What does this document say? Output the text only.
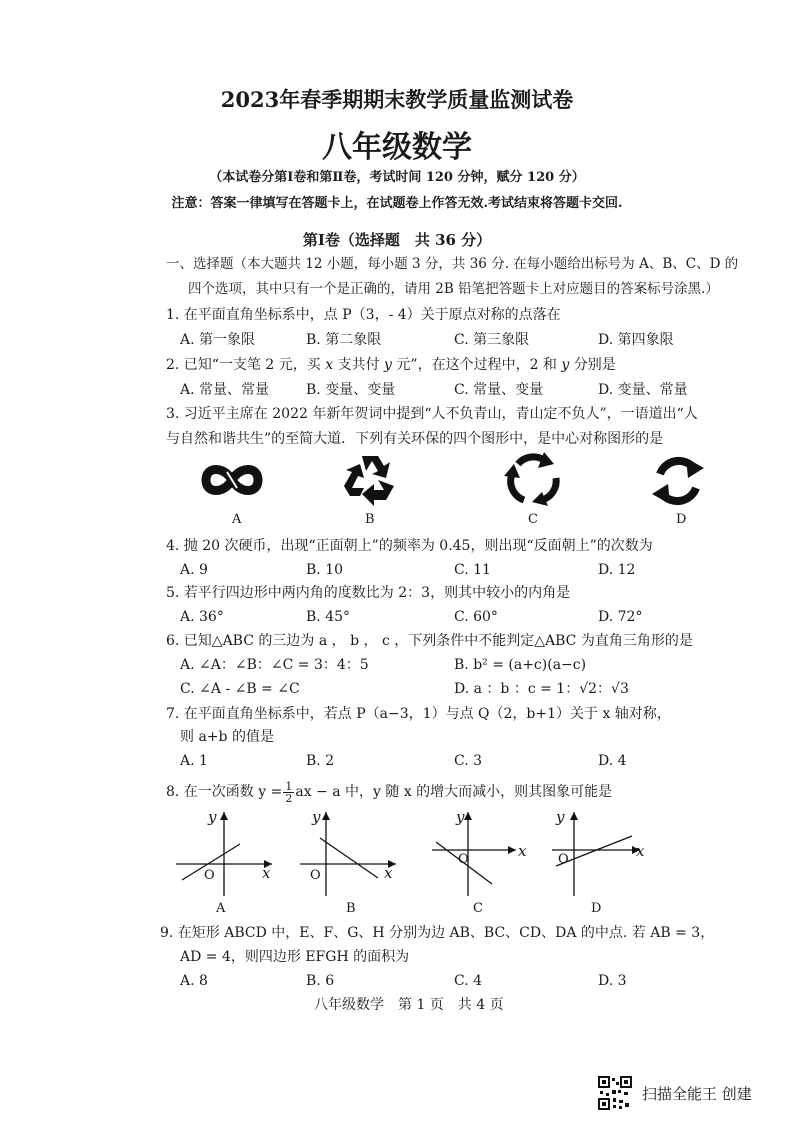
2023年春季期期末教学质量监测试卷
八年级数学
（本试卷分第Ⅰ卷和第Ⅱ卷，考试时间 120 分钟，赋分 120 分）
注意：答案一律填写在答题卡上，在试题卷上作答无效.考试结束将答题卡交回.
第Ⅰ卷（选择题　共 36 分）
一、选择题（本大题共 12 小题，每小题 3 分，共 36 分. 在每小题给出标号为 A、B、C、D 的
四个选项，其中只有一个是正确的，请用 2B 铅笔把答题卡上对应题目的答案标号涂黑.）
1. 在平面直角坐标系中，点 P（3，- 4）关于原点对称的点落在
A. 第一象限	B. 第二象限	C. 第三象限	D. 第四象限
2. 已知“一支笔 2 元，买 x 支共付 y 元”，在这个过程中，2 和 y 分别是
A. 常量、常量	B. 变量、变量	C. 常量、变量	D. 变量、常量
3. 习近平主席在 2022 年新年贺词中提到“人不负青山，青山定不负人”，一语道出“人
与自然和谐共生”的至简大道．下列有关环保的四个图形中，是中心对称图形的是
A	B	C	D
4. 抛 20 次硬币，出现“正面朝上”的频率为 0.45，则出现“反面朝上”的次数为
A. 9	B. 10	C. 11	D. 12
5. 若平行四边形中两内角的度数比为 2：3，则其中较小的内角是
A. 36°	B. 45°	C. 60°	D. 72°
6. 已知△ABC 的三边为 a ， b ， c ，下列条件中不能判定△ABC 为直角三角形的是
A. ∠A：∠B：∠C = 3：4：5	B. b² = (a+c)(a−c)
C. ∠A - ∠B = ∠C	D. a ：b ：c = 1：√2：√3
7. 在平面直角坐标系中，若点 P（a−3，1）与点 Q（2，b+1）关于 x 轴对称，
则 a+b 的值是
A. 1	B. 2	C. 3	D. 4
8. 在一次函数 $y = \frac{1}{2}$ ax − a 中，y 随 x 的增大而减小，则其图象可能是
y
x
O
y
x
O
y
x
O
y
x
O
A	B	C	D
9. 在矩形 ABCD 中，E、F、G、H 分别为边 AB、BC、CD、DA 的中点. 若 AB = 3，
AD = 4，则四边形 EFGH 的面积为
A. 8	B. 6	C. 4	D. 3
八年级数学　第 1 页　共 4 页
扫描全能王 创建
